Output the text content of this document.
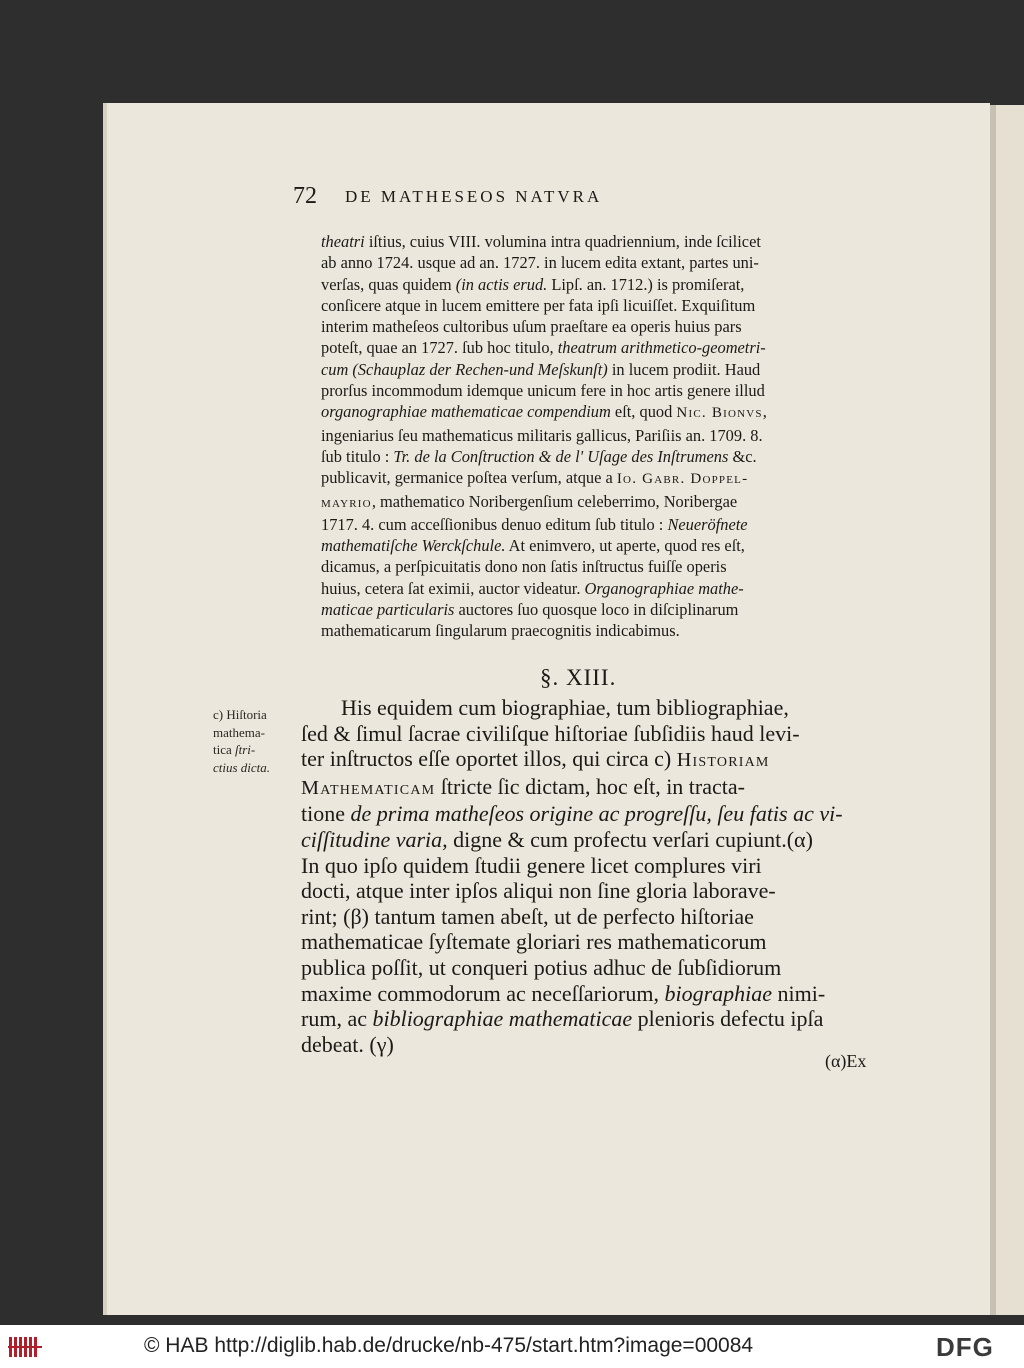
72 DE MATHESEOS NATVRA

theatri iſtius, cuius VIII. volumina intra quadriennium, inde ſcilicet

ab anno 1724. usque ad an. 1727. in lucem edita extant, partes uni-

verſas, quas quidem (in actis erud. Lipſ. an. 1712.) is promiſerat,

conſicere atque in lucem emittere per fata ipſi licuiſſet. Exquiſitum

interim matheſeos cultoribus uſum praeſtare ea operis huius pars

poteſt, quae an 1727. ſub hoc titulo, theatrum arithmetico-geometri-

cum (Schauplaz der Rechen-und Meſskunſt) in lucem prodiit. Haud

prorſus incommodum idemque unicum fere in hoc artis genere illud

organographiae mathematicae compendium eſt, quod Nic. Bionvs,

ingeniarius ſeu mathematicus militaris gallicus, Pariſiis an. 1709. 8.

ſub titulo : Tr. de la Conſtruction & de l' Uſage des Inſtrumens &c.

publicavit, germanice poſtea verſum, atque a Io. Gabr. Doppel-

mayrio, mathematico Noribergenſium celeberrimo, Noribergae

1717. 4. cum acceſſionibus denuo editum ſub titulo : Neueröfnete

mathematiſche Werckſchule. At enimvero, ut aperte, quod res eſt,

dicamus, a perſpicuitatis dono non ſatis inſtructus fuiſſe operis

huius, cetera ſat eximii, auctor videatur. Organographiae mathe-

maticae particularis auctores ſuo quosque loco in diſciplinarum

mathematicarum ſingularum praecognitis indicabimus.

§. XIII.
c) Hiſtoria
mathema-
tica ſtri-
ctius dicta.

His equidem cum biographiae, tum bibliographiae,

ſed & ſimul ſacrae civiliſque hiſtoriae ſubſidiis haud levi-

ter inſtructos eſſe oportet illos, qui circa c) Historiam

Mathematicam ſtricte ſic dictam, hoc eſt, in tracta-

tione de prima matheſeos origine ac progreſſu, ſeu fatis ac vi-

ciſſitudine varia, digne & cum profectu verſari cupiunt.(α)

In quo ipſo quidem ſtudii genere licet complures viri

docti, atque inter ipſos aliqui non ſine gloria laborave-

rint; (β) tantum tamen abeſt, ut de perfecto hiſtoriae

mathematicae ſyſtemate gloriari res mathematicorum

publica poſſit, ut conqueri potius adhuc de ſubſidiorum

maxime commodorum ac neceſſariorum, biographiae nimi-

rum, ac bibliographiae mathematicae plenioris defectu ipſa

debeat. (γ)

(α)Ex
© HAB http://diglib.hab.de/drucke/nb-475/start.htm?image=00084	DFG
